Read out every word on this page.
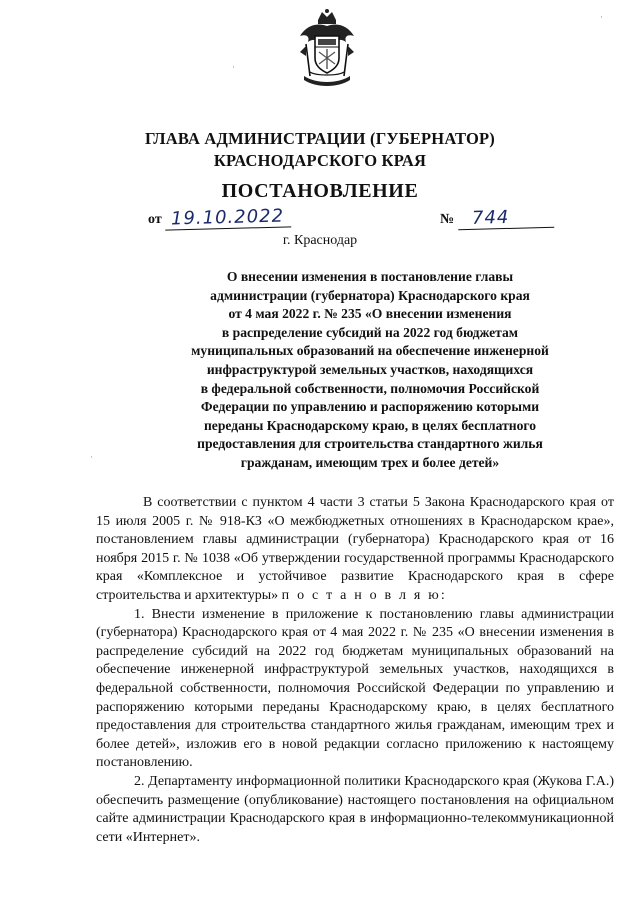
ГЛАВА АДМИНИСТРАЦИИ (ГУБЕРНАТОР)
КРАСНОДАРСКОГО КРАЯ
ПОСТАНОВЛЕНИЕ
от 19.10.2022	№ 744
г. Краснодар
О внесении изменения в постановление главы
администрации (губернатора) Краснодарского края
от 4 мая 2022 г. № 235 «О внесении изменения
в распределение субсидий на 2022 год бюджетам
муниципальных образований на обеспечение инженерной
инфраструктурой земельных участков, находящихся
в федеральной собственности, полномочия Российской
Федерации по управлению и распоряжению которыми
переданы Краснодарскому краю, в целях бесплатного
предоставления для строительства стандартного жилья
гражданам, имеющим трех и более детей»

В соответствии с пунктом 4 части 3 статьи 5 Закона Краснодарского края от 15 июля 2005 г. № 918-КЗ «О межбюджетных отношениях в Краснодарском крае», постановлением главы администрации (губернатора) Краснодарского края от 16 ноября 2015 г. № 1038 «Об утверждении государственной программы Краснодарского края «Комплексное и устойчивое развитие Краснодарского края в сфере строительства и архитектуры» п о с т а н о в л я ю:

1. Внести изменение в приложение к постановлению главы администрации (губернатора) Краснодарского края от 4 мая 2022 г. № 235 «О внесении изменения в распределение субсидий на 2022 год бюджетам муниципальных образований на обеспечение инженерной инфраструктурой земельных участков, находящихся в федеральной собственности, полномочия Российской Федерации по управлению и распоряжению которыми переданы Краснодарскому краю, в целях бесплатного предоставления для строительства стандартного жилья гражданам, имеющим трех и более детей», изложив его в новой редакции согласно приложению к настоящему постановлению.

2. Департаменту информационной политики Краснодарского края (Жукова Г.А.) обеспечить размещение (опубликование) настоящего постановления на официальном сайте администрации Краснодарского края в информационно-телекоммуникационной сети «Интернет».

·
·
·
